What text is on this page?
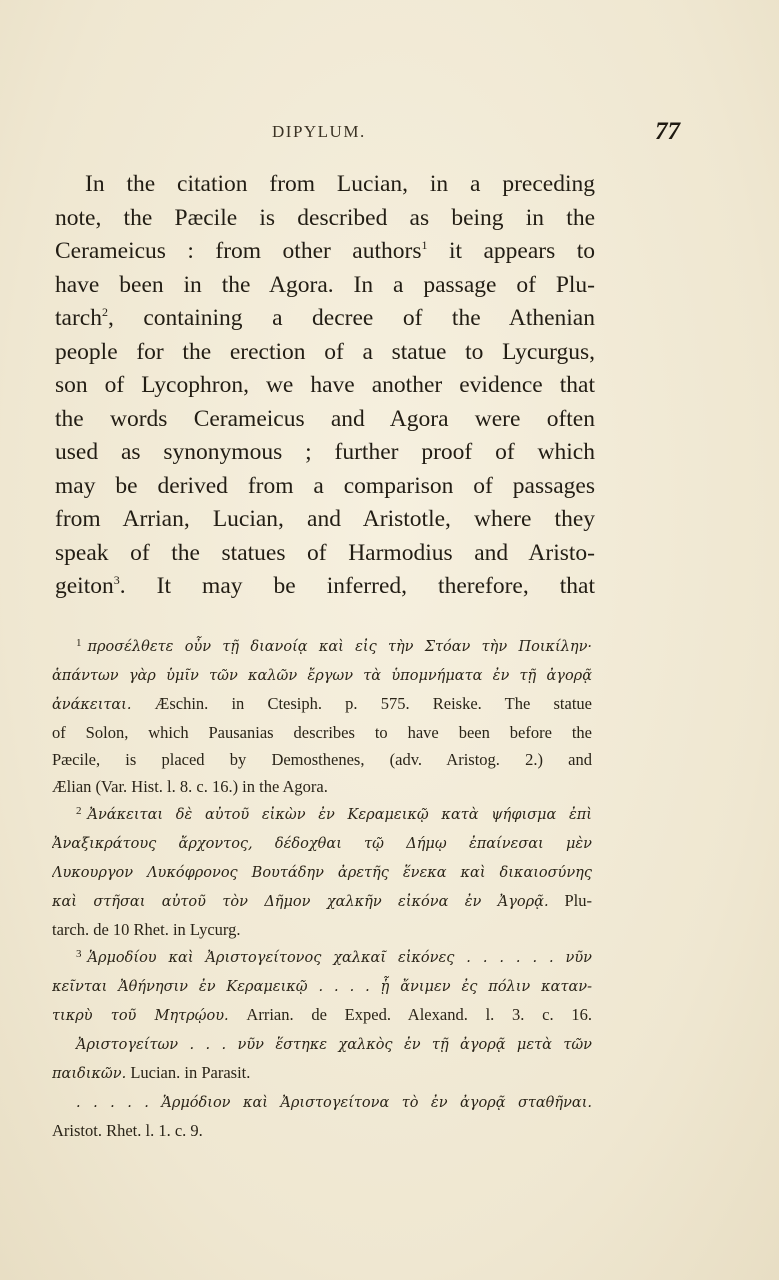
DIPYLUM.	77
In the citation from Lucian, in a preceding
note, the Pæcile is described as being in the
Cerameicus : from other authors$^1$ it appears to
have been in the Agora. In a passage of Plu-
tarch$^2$, containing a decree of the Athenian
people for the erection of a statue to Lycurgus,
son of Lycophron, we have another evidence that
the words Cerameicus and Agora were often
used as synonymous ; further proof of which
may be derived from a comparison of passages
from Arrian, Lucian, and Aristotle, where they
speak of the statues of Harmodius and Aristo-
geiton$^3$. It may be inferred, therefore, that
$^1$ προσέλθετε οὖν τῇ διανοίᾳ καὶ εἰς τὴν Στόαν τὴν Ποικίλην·
ἁπάντων γὰρ ὑμῖν τῶν καλῶν ἔργων τὰ ὑπομνήματα ἐν τῇ ἀγορᾷ
ἀνάκειται. Æschin. in Ctesiph. p. 575. Reiske. The statue
of Solon, which Pausanias describes to have been before the
Pæcile, is placed by Demosthenes, (adv. Aristog. 2.) and
Ælian (Var. Hist. l. 8. c. 16.) in the Agora.
$^2$ Ἀνάκειται δὲ αὐτοῦ εἰκὼν ἐν Κεραμεικῷ κατὰ ψήφισμα ἐπὶ
Ἀναξικράτους ἄρχοντος, δέδοχθαι τῷ Δήμῳ ἐπαίνεσαι μὲν
Λυκουργον Λυκόφρονος Βουτάδην ἀρετῆς ἕνεκα καὶ δικαιοσύνης
καὶ στῆσαι αὐτοῦ τὸν Δῆμον χαλκῆν εἰκόνα ἐν Ἀγορᾷ. Plu-
tarch. de 10 Rhet. in Lycurg.
$^3$ Ἁρμοδίου καὶ Ἀριστογείτονος χαλκαῖ εἰκόνες . . . . . . νῦν
κεῖνται Ἀθήνησιν ἐν Κεραμεικῷ . . . . ᾗ ἄνιμεν ἐς πόλιν καταν-
τικρὺ τοῦ Μητρῴου. Arrian. de Exped. Alexand. l. 3. c. 16.
Ἀριστογείτων . . . νῦν ἕστηκε χαλκὸς ἐν τῇ ἀγορᾷ μετὰ τῶν
παιδικῶν. Lucian. in Parasit.
. . . . . Ἁρμόδιον καὶ Ἀριστογείτονα τὸ ἐν ἀγορᾷ σταθῆναι.
Aristot. Rhet. l. 1. c. 9.
